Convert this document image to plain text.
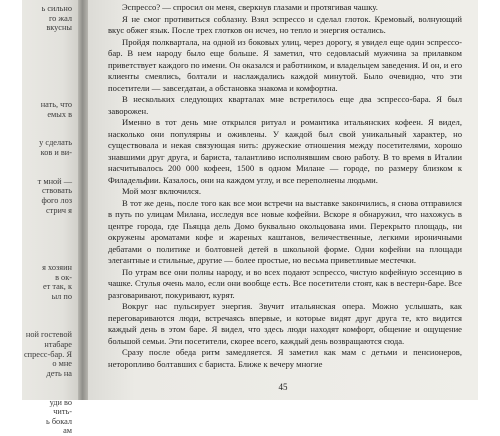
ь сильно
го жал
вкусны
нать, что
емых в
у сделать
ков и ви-
т мной —
ствовать
фого лоз
стрич я
я хозяин
в ок-
ет так, к
ыл по
ной гостевой
нтабаре
спресс-бар. Я
о мне
деть на
уди во
чить-
ь бокал
ам

Эспрессо? — спросил он меня, сверкнув глазами и протягивая чашку.

Я не смог противиться соблазну. Взял эспрессо и сделал глоток. Кремовый, волнующий вкус обжег язык. После трех глотков он исчез, но тепло и энергия остались.

Пройдя полквартала, на одной из боковых улиц, через дорогу, я увидел еще один эспрессо-бар. В нем народу было еще больше. Я заметил, что седовласый мужчина за прилавком приветствует каждого по имени. Он оказался и работником, и владельцем заведения. И он, и его клиенты смеялись, болтали и наслаждались каждой минутой. Было очевидно, что эти посетители — завсегдатаи, а обстановка знакома и комфортна.

В нескольких следующих кварталах мне встретилось еще два эспрессо-бара. Я был заворожен.

Именно в тот день мне открылся ритуал и романтика итальянских кофеен. Я видел, насколько они популярны и оживлены. У каждой был свой уникальный характер, но существовала и некая связующая нить: дружеские отношения между посетителями, хорошо знавшими друг друга, и бариста, талантливо исполнявшим свою работу. В то время в Италии насчитывалось 200 000 кофеен, 1500 в одном Милане — городе, по размеру близком к Филадельфии. Казалось, они на каждом углу, и все переполнены людьми.

Мой мозг включился.

В тот же день, после того как все мои встречи на выставке закончились, я снова отправился в путь по улицам Милана, исследуя все новые кофейни. Вскоре я обнаружил, что нахожусь в центре города, где Пьяцца дель Домо буквально окольцована ими. Перекрыто площадь, ни окружены ароматами кофе и жареных каштанов, величественные, легкими ироничными дебатами о политике и болтовней детей в школьной форме. Одни кофейни на площади элегантные и стильные, другие — более простые, но весьма приветливые местечки.

По утрам все они полны народу, и во всех подают эспрессо, чистую кофейную эссенцию в чашке. Стулья очень мало, если они вообще есть. Все посетители стоят, как в вестерн-баре. Все разговаривают, покуривают, курят.

Вокруг нас пульсирует энергия. Звучит итальянская опера. Можно услышать, как переговариваются люди, встречаясь впервые, и которые видят друг друга те, кто видится каждый день в этом баре. Я видел, что здесь люди находят комфорт, общение и ощущение большой семьи. Эти посетители, скорее всего, каждый день возвращаются сюда.

Сразу после обеда ритм замедляется. Я заметил как мам с детьми и пенсионеров, неторопливо болтавших с бариста. Ближе к вечеру многие

45
